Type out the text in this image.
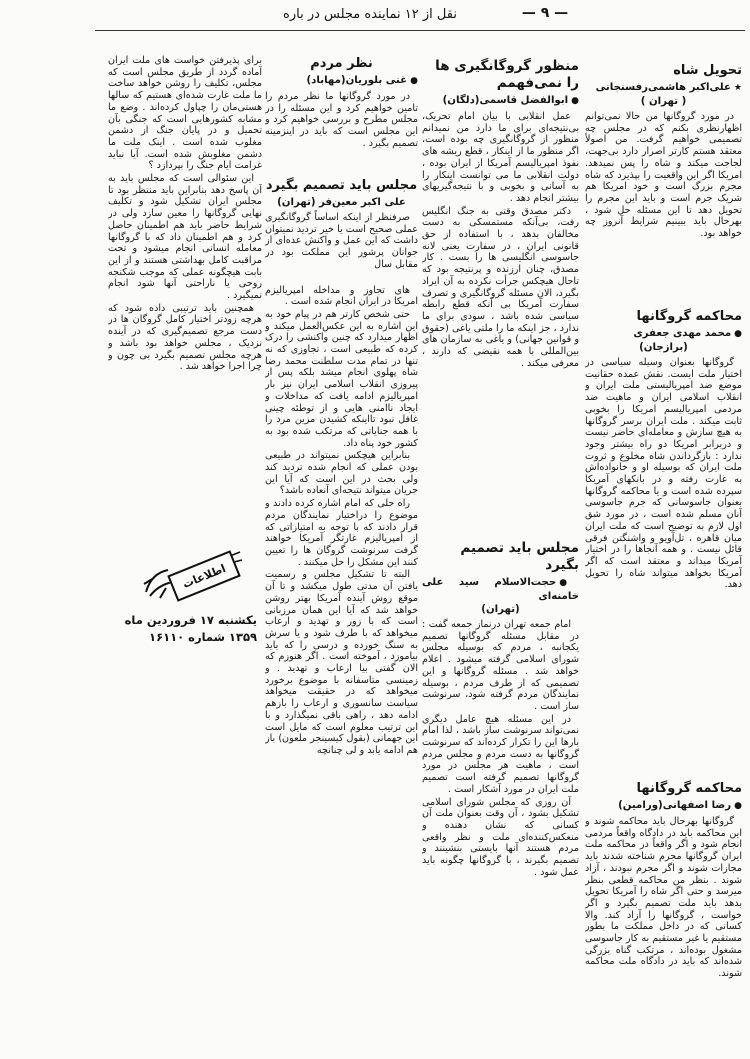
— ۹ —
نقل از ۱۲ نماینده مجلس در باره
تحویل شاه
★علی‌اکبر هاشمی‌رفسنجانی
( تهران )

در مورد گروگانها من حالا نمی‌توانم اظهارنظری بکنم که در مجلس چه تصمیمی خواهیم گرفت. من اصولاً معتقد هستم کارتر اصرار دارد بی‌جهت، لجاجت میکند و شاه را پس نمیدهد. امریکا اگر این واقعیت را بپذیرد که شاه مجرم بزرگ است و خود امریکا هم شریک جرم است و باید این مجرم را تحویل دهد تا این مسئله حل شود ، بهرحال باید ببینیم شرایط آنروز چه خواهد بود.

محاکمه گروگانها
●محمد مهدی جعفری
(برازجان)

گروگانها بعنوان وسیله سیاسی در اختیار ملت ایست. نقش عمده حقانیت موضع ضد امپریالیستی ملت ایران و انقلاب اسلامی ایران و ماهیت ضد مردمی امپریالیسم امریکا را بخوبی ثابت میکند . ملت ایران برسر گروگانها به هیچ سازش و معامله‌ای حاضر نیست و دربرابر امریکا دو راه بیشتر وجود ندارد : بازگرداندن شاه مخلوع و ثروت ملت ایران که بوسیله او و خانواده‌اش به غارت رفته و در بانکهای آمریکا سپرده شده است و یا محاکمه گروگانها بعنوان جاسوسانی که جرم جاسوسی آنان مسلم شده است ، در مورد شق اول لازم به توضیح است که ملت ایران میان قاهره ، تل‌آویو و واشنگتن فرقی قائل نیست . و همه آنجاها را در اختیار آمریکا میداند و معتقد است که اگر آمریکا بخواهد میتواند شاه را تحویل دهد.

محاکمه گروگانها
●رضا اصفهانی(ورامین)

گروگانها بهرحال باید محاکمه شوند و این محاکمه باید در دادگاه واقعاً مردمی انجام شود و اگر واقعاً در محاکمه ملت ایران گروگانها مجرم شناخته شدند باید مجازات شوند و اگر مجرم نبودند ، آزاد شوند . بنظر من محاکمه قطعی بنظر میرسد و حتی اگر شاه را آمریکا تحویل بدهد باید ملت تصمیم بگیرد و اگر خواست ، گروگانها را آزاد کند. والا کسانی که در داخل مملکت ما بطور مستقیم یا غیر مستقیم به کار جاسوسی مشغول بوده‌اند ، مرتکب گناه بزرگی شده‌اند که باید در دادگاه ملت محاکمه شوند.

منظور گروگانگیری ها را نمی‌فهمم
●ابوالفضل قاسمی(دلگان)

عمل انقلابی با بیان امام تحریک، بی‌نتیجه‌ای برای ما دارد من نمیدانم منظور از گروگانگیری چه بوده است، اگر منظور ما از اینکار ، قطع ریشه های نفوذ امپریالیسم آمریکا از ایران بوده ، دولت انقلابی ما می توانست اینکار را به آسانی و بخوبی و با نتیجه‌گیریهای بیشتر انجام دهد .

دکتر مصدق وقتی به جنگ انگلیس رفت، بی‌آنکه مستمسکی به دست مخالفان بدهد ، با استفاده از حق قانونی ایران ، در سفارت یعنی لانه جاسوسی انگلیسی ها را بست . کار مصدق، چنان ارزنده و پرنتیجه بود که تاحال هیچکس جرأت نکرده به آن ایراد بگیرد، الان مسئله گروگانگیری و تصرف سفارت آمریکا بی آنکه قطع رابطه سیاسی شده باشد ، سودی برای ما ندارد ، جز اینکه ما را ملتی یاغی (حقوق و قوانین جهانی) و یاغی به سازمان های بین‌المللی با همه نقیضی که دارند ، معرفی میکند .

مجلس باید تصمیم بگیرد
●حجت‌الاسلام سید علی خامنه‌ای
(تهران)

امام جمعه تهران درنماز جمعه گفت : در مقابل مسئله گروگانها تصمیم یکجانبه ، مردم که بوسیله مجلس شورای اسلامی گرفته میشود . اعلام خواهد شد . مسئله گروگانها و این تصمیمی که از طرف مردم ، بوسیله نمایندگان مردم گرفته شود، سرنوشت ساز است .

در این مسئله هیچ عامل دیگری نمی‌تواند سرنوشت ساز باشد ، لذا امام بارها این را تکرار کرده‌اند که سرنوشت گروگانها به دست مردم و مجلس مردم است ، ماهیت هر مجلس در مورد گروگانها تصمیم گرفته است تصمیم ملت ایران در مورد آشکار است .

آن روزی که مجلس شورای اسلامی تشکیل بشود ، آن وقت بعنوان ملت آن کسانی که نشان دهنده و منعکس‌کننده‌ای ملت و نظر واقعی مردم هستند آنها بایستی بنشینند و تصمیم بگیرند ، با گروگانها چگونه باید عمل شود .

نظر مردم
●غنی بلوریان(مهاباد)

در مورد گروگانها ما نظر مردم را تامین خواهیم کرد و این مسئله را در مجلس مطرح و بررسی خواهیم کرد و این مجلس است که باید در اینزمینه تصمیم بگیرد .

مجلس باید تصمیم بگیرد
علی اکبر معین‌فر (تهران)

صرفنظر از اینکه اساساً گروگانگیری عملی صحیح است یا خیر تردید نمیتوان داشت که این عمل و واکنش عده‌ای از جوانان پرشور این مملکت بود در مقابل سال

های تجاوز و مداخله امپریالیزم امریکا در ایران انجام شده است .

حتی شخص کارتر هم در پیام خود به این اشاره به این عکس‌العمل میکند و اظهار میدارد که چنین واکنشی را درک کرده که طبیعی است ، تجاوزی که نه تنها در تمام مدت سلطنت محمد رضا شاه پهلوی انجام میشد بلکه پس از پیروزی انقلاب اسلامی ایران نیز بار امپریالیزم ادامه یافت که مداخلات و ایجاد ناامنی هایی و از توطئه چینی غافل نبود تااینکه کشیدن مزین مرد را با همه جنایاتی که مرتکب شده بود به کشور خود پناه داد.

بنابراین هیچکس نمیتواند در طبیعی بودن عملی که انجام شده تردید کند ولی بحث در این است که آیا این جریان میتواند نتیجه‌ای آنعاده باشد؟

راه حلی که امام اشاره کرده دادند و موضوع را دراختیار نمایندگان مردم قرار دادند که با توجه به امتیازاتی که از امپریالیزم غارتگر آمریکا خواهند گرفت سرنوشت گروگان ها را تعیین کنند این مشکل را حل میکنند .

البته تا تشکیل مجلس و رسمیت یافتن آن مدتی طول میکشد و تا آن موقع روش آینده آمریکا بهتر روشن خواهد شد که آیا این همان مرزبانی است که با زور و تهدید و ارعاب میخواهد که با طرف شود و یا سرش به سنگ خورده و درسی را که باید بیاموزد ، آموخته است . اگر هنوزم که الان گفتی بیا ارعاب و تهدید . و زمینسی متاسفانه با موضوع برخورد میخواهد که در حقیقت میخواهد سیاست سانسوری و ارعاب را بازهم ادامه دهد ، راهی باقی نمیگذارد و با این ترتیب معلوم است که مایل است این جهمانی (بقول کیسینجر ملعون) باز هم ادامه یابد و لی چنانچه

برای پذیرفتن خواست های ملت ایران آماده گردد از طریق مجلس است که مجلس، تکلیف را روشن خواهد ساخت ما ملت غارت شده‌ای هستیم که سالها هستی‌مان را چپاول کرده‌اند . وضع ما مشابه کشورهایی است که جنگی بآن تحمیل و در پایان جنگ از دشمن مغلوب شده است . اینک ملت ما دشمن مغلوبش شده است. آیا نباید غرامت ایام جنگ را بپردازد ؟

این سئوالی است که مجلس باید به آن پاسخ دهد بنابراین باید منتظر بود تا مجلس ایران تشکیل شود و تکلیف نهایی گروگانها را معین سازد ولی در شرایط حاضر باید هم اطمینان حاصل کرد و هم اطمینان داد که با گروگانها معامله انسانی انجام میشود و تحت مراقبت کامل بهداشتی هستند و از این بابت هیچگونه عملی که موجب شکنجه روحی یا ناراحتی آنها شود انجام نمیگیرد .

همچنین باید ترتیبی داده شود که هرچه زودتر اختیار کامل گروگان ها در دست مرجع تصمیم‌گیری که در آینده نزدیک ، مجلس خواهد بود باشد و هرچه مجلس تصمیم بگیرد بی چون و چرا اجرا خواهد شد .

اطلاعات
یکشنبه ۱۷ فروردین ماه
۱۳۵۹ شماره ۱۶۱۱۰
